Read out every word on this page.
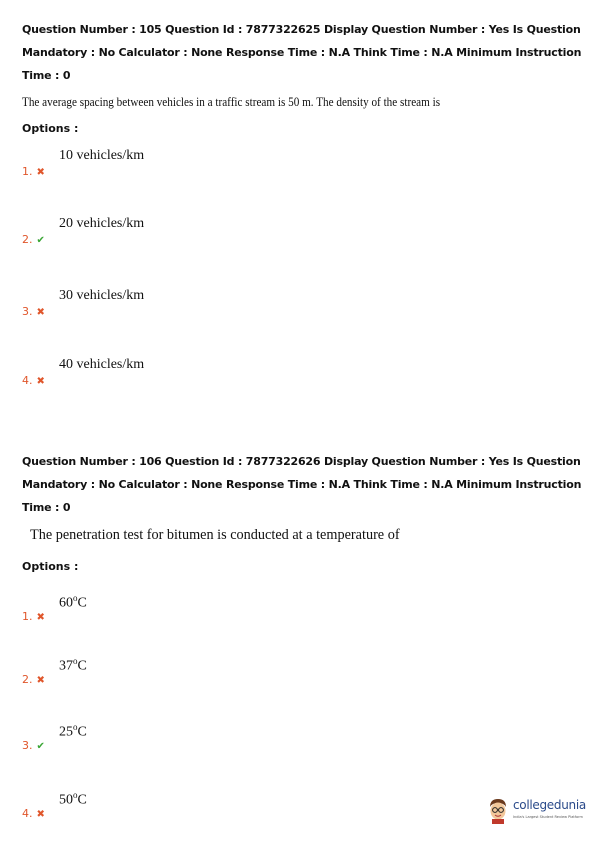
Question Number : 105 Question Id : 7877322625 Display Question Number : Yes Is Question Mandatory : No Calculator : None Response Time : N.A Think Time : N.A Minimum Instruction Time : 0
The average spacing between vehicles in a traffic stream is 50 m. The density of the stream is
Options :
1. ✖
10 vehicles/km
2. ✔
20 vehicles/km
3. ✖
30 vehicles/km
4. ✖
40 vehicles/km
Question Number : 106 Question Id : 7877322626 Display Question Number : Yes Is Question Mandatory : No Calculator : None Response Time : N.A Think Time : N.A Minimum Instruction Time : 0
The penetration test for bitumen is conducted at a temperature of
Options :
1. ✖
60$^o$C
2. ✖
37$^o$C
3. ✔
25$^o$C
4. ✖
50$^o$C	collegedunia
India's Largest Student Review Platform
